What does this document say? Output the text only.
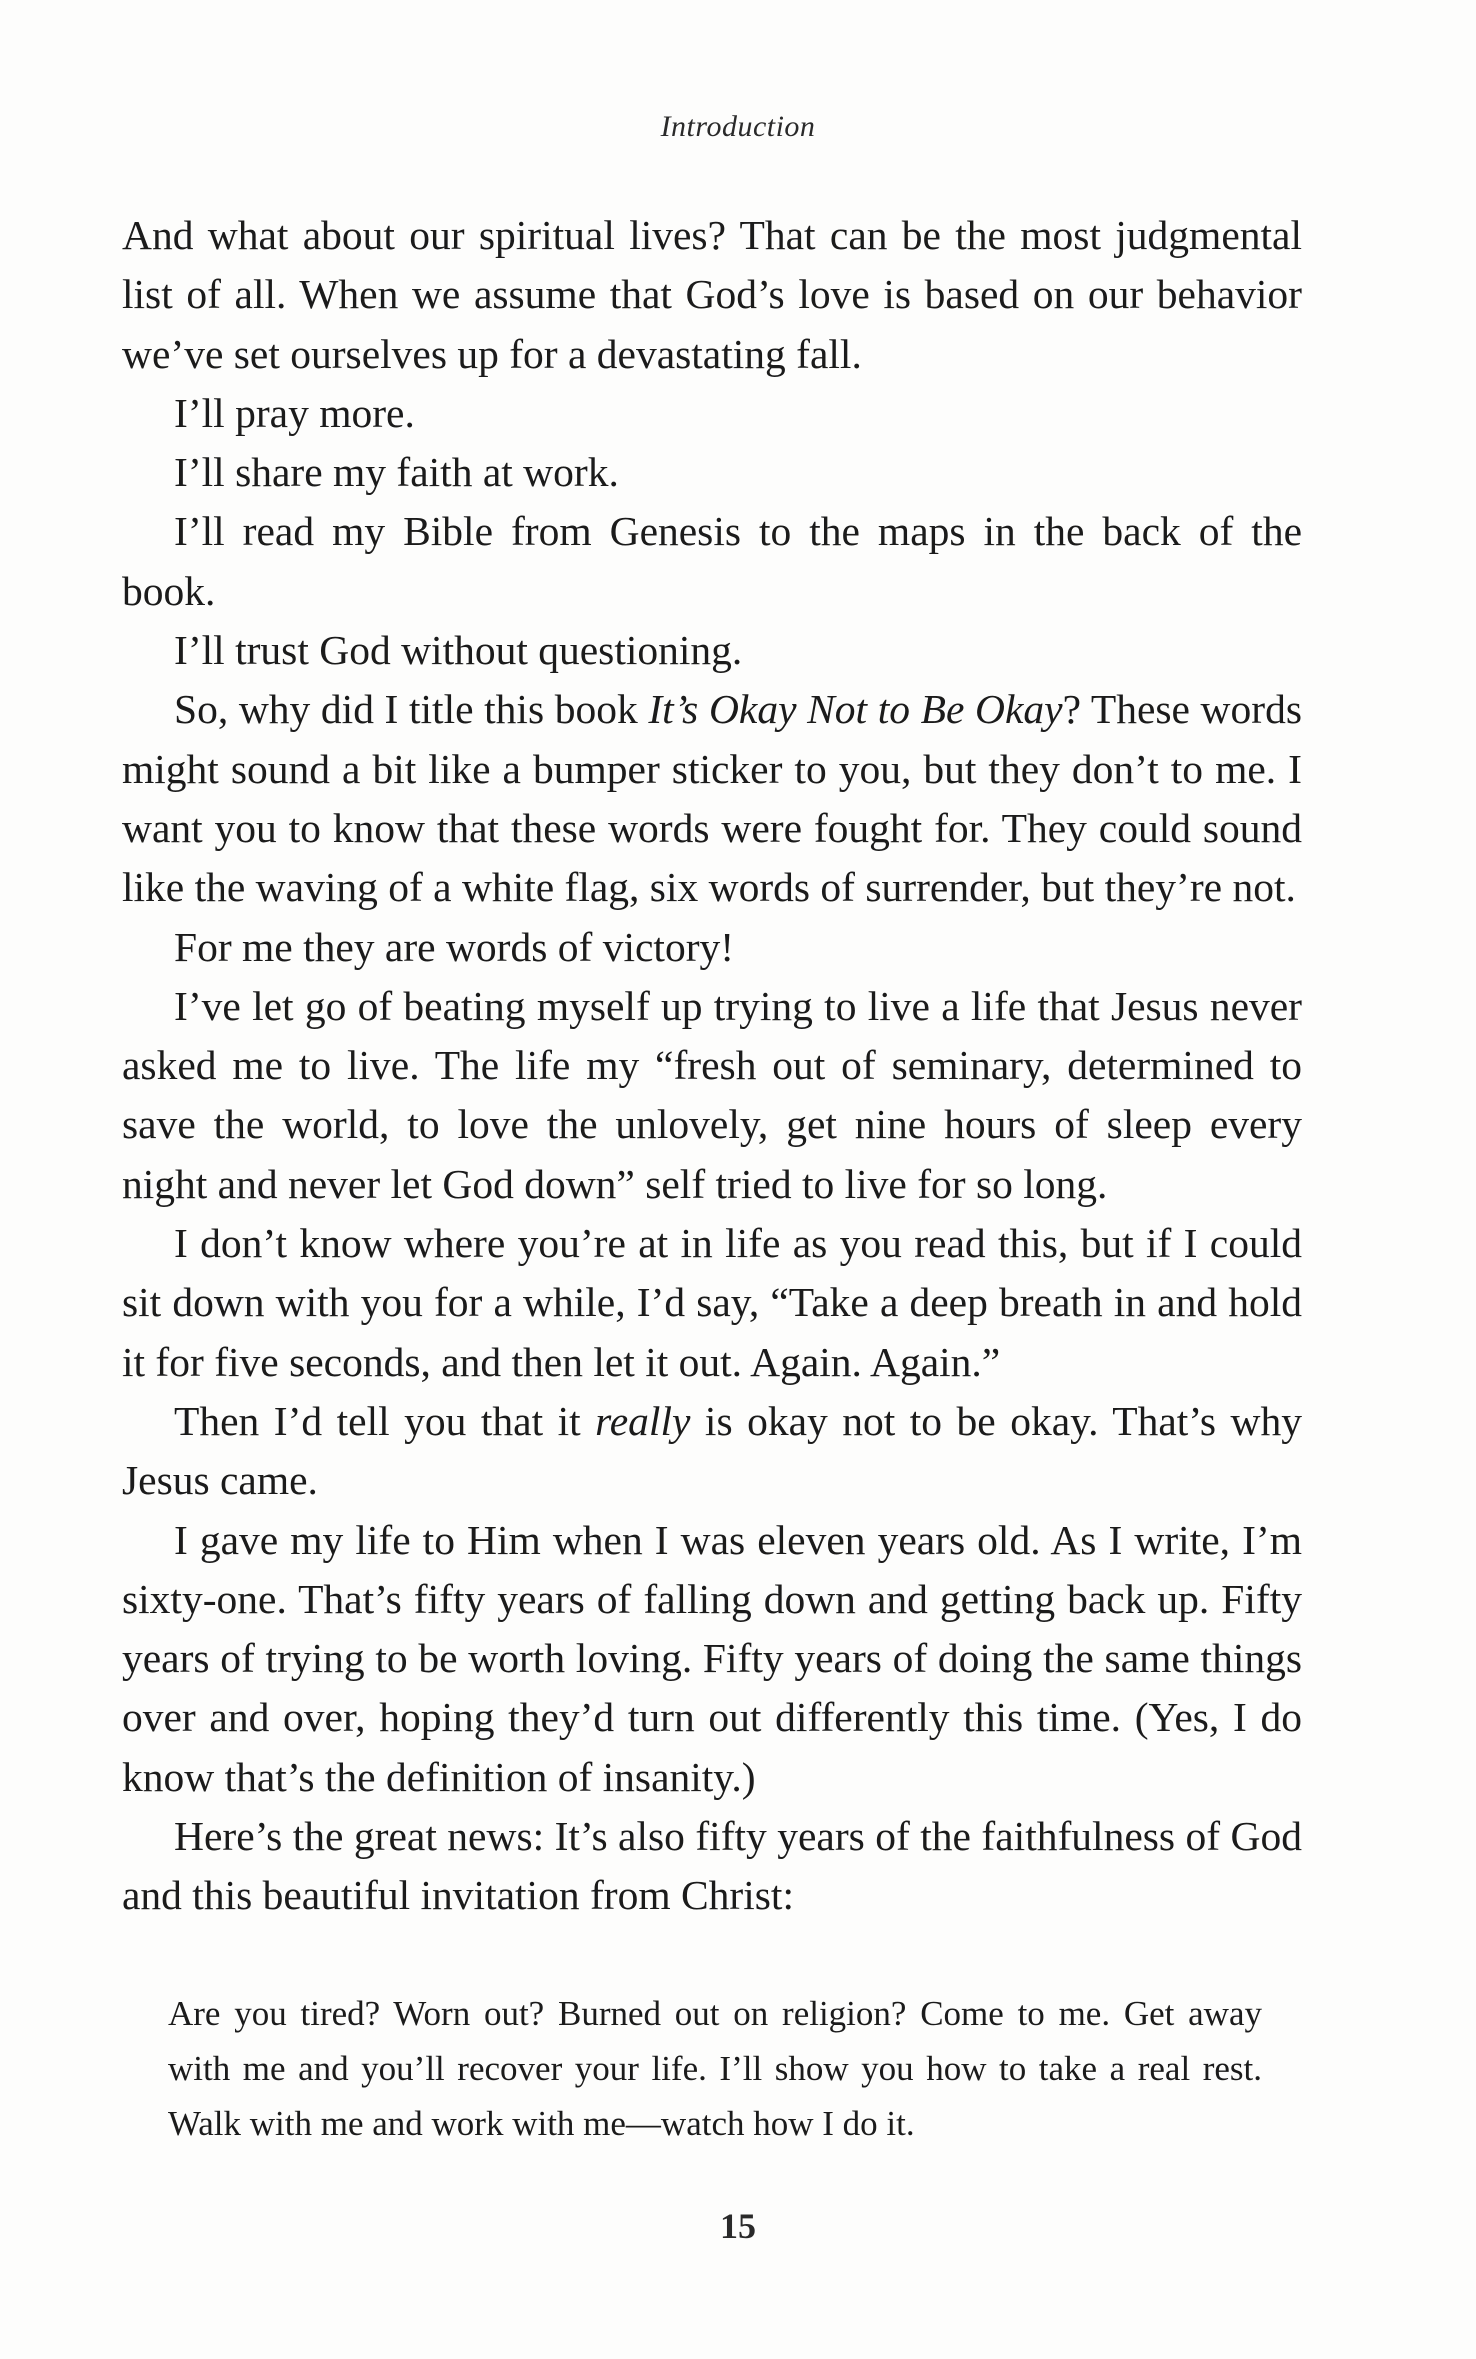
Introduction

And what about our spiritual lives? That can be the most judgmental list of all. When we assume that God’s love is based on our behavior we’ve set ourselves up for a devastating fall.

I’ll pray more.

I’ll share my faith at work.

I’ll read my Bible from Genesis to the maps in the back of the book.

I’ll trust God without questioning.

So, why did I title this book It’s Okay Not to Be Okay? These words might sound a bit like a bumper sticker to you, but they don’t to me. I want you to know that these words were fought for. They could sound like the waving of a white flag, six words of surrender, but they’re not.

For me they are words of victory!

I’ve let go of beating myself up trying to live a life that Jesus never asked me to live. The life my “fresh out of seminary, determined to save the world, to love the unlovely, get nine hours of sleep every night and never let God down” self tried to live for so long.

I don’t know where you’re at in life as you read this, but if I could sit down with you for a while, I’d say, “Take a deep breath in and hold it for five seconds, and then let it out. Again. Again.”

Then I’d tell you that it really is okay not to be okay. That’s why Jesus came.

I gave my life to Him when I was eleven years old. As I write, I’m sixty-one. That’s fifty years of falling down and getting back up. Fifty years of trying to be worth loving. Fifty years of doing the same things over and over, hoping they’d turn out differently this time. (Yes, I do know that’s the definition of insanity.)

Here’s the great news: It’s also fifty years of the faithfulness of God and this beautiful invitation from Christ:

Are you tired? Worn out? Burned out on religion? Come to me. Get away with me and you’ll recover your life. I’ll show you how to take a real rest. Walk with me and work with me—watch how I do it.
15
